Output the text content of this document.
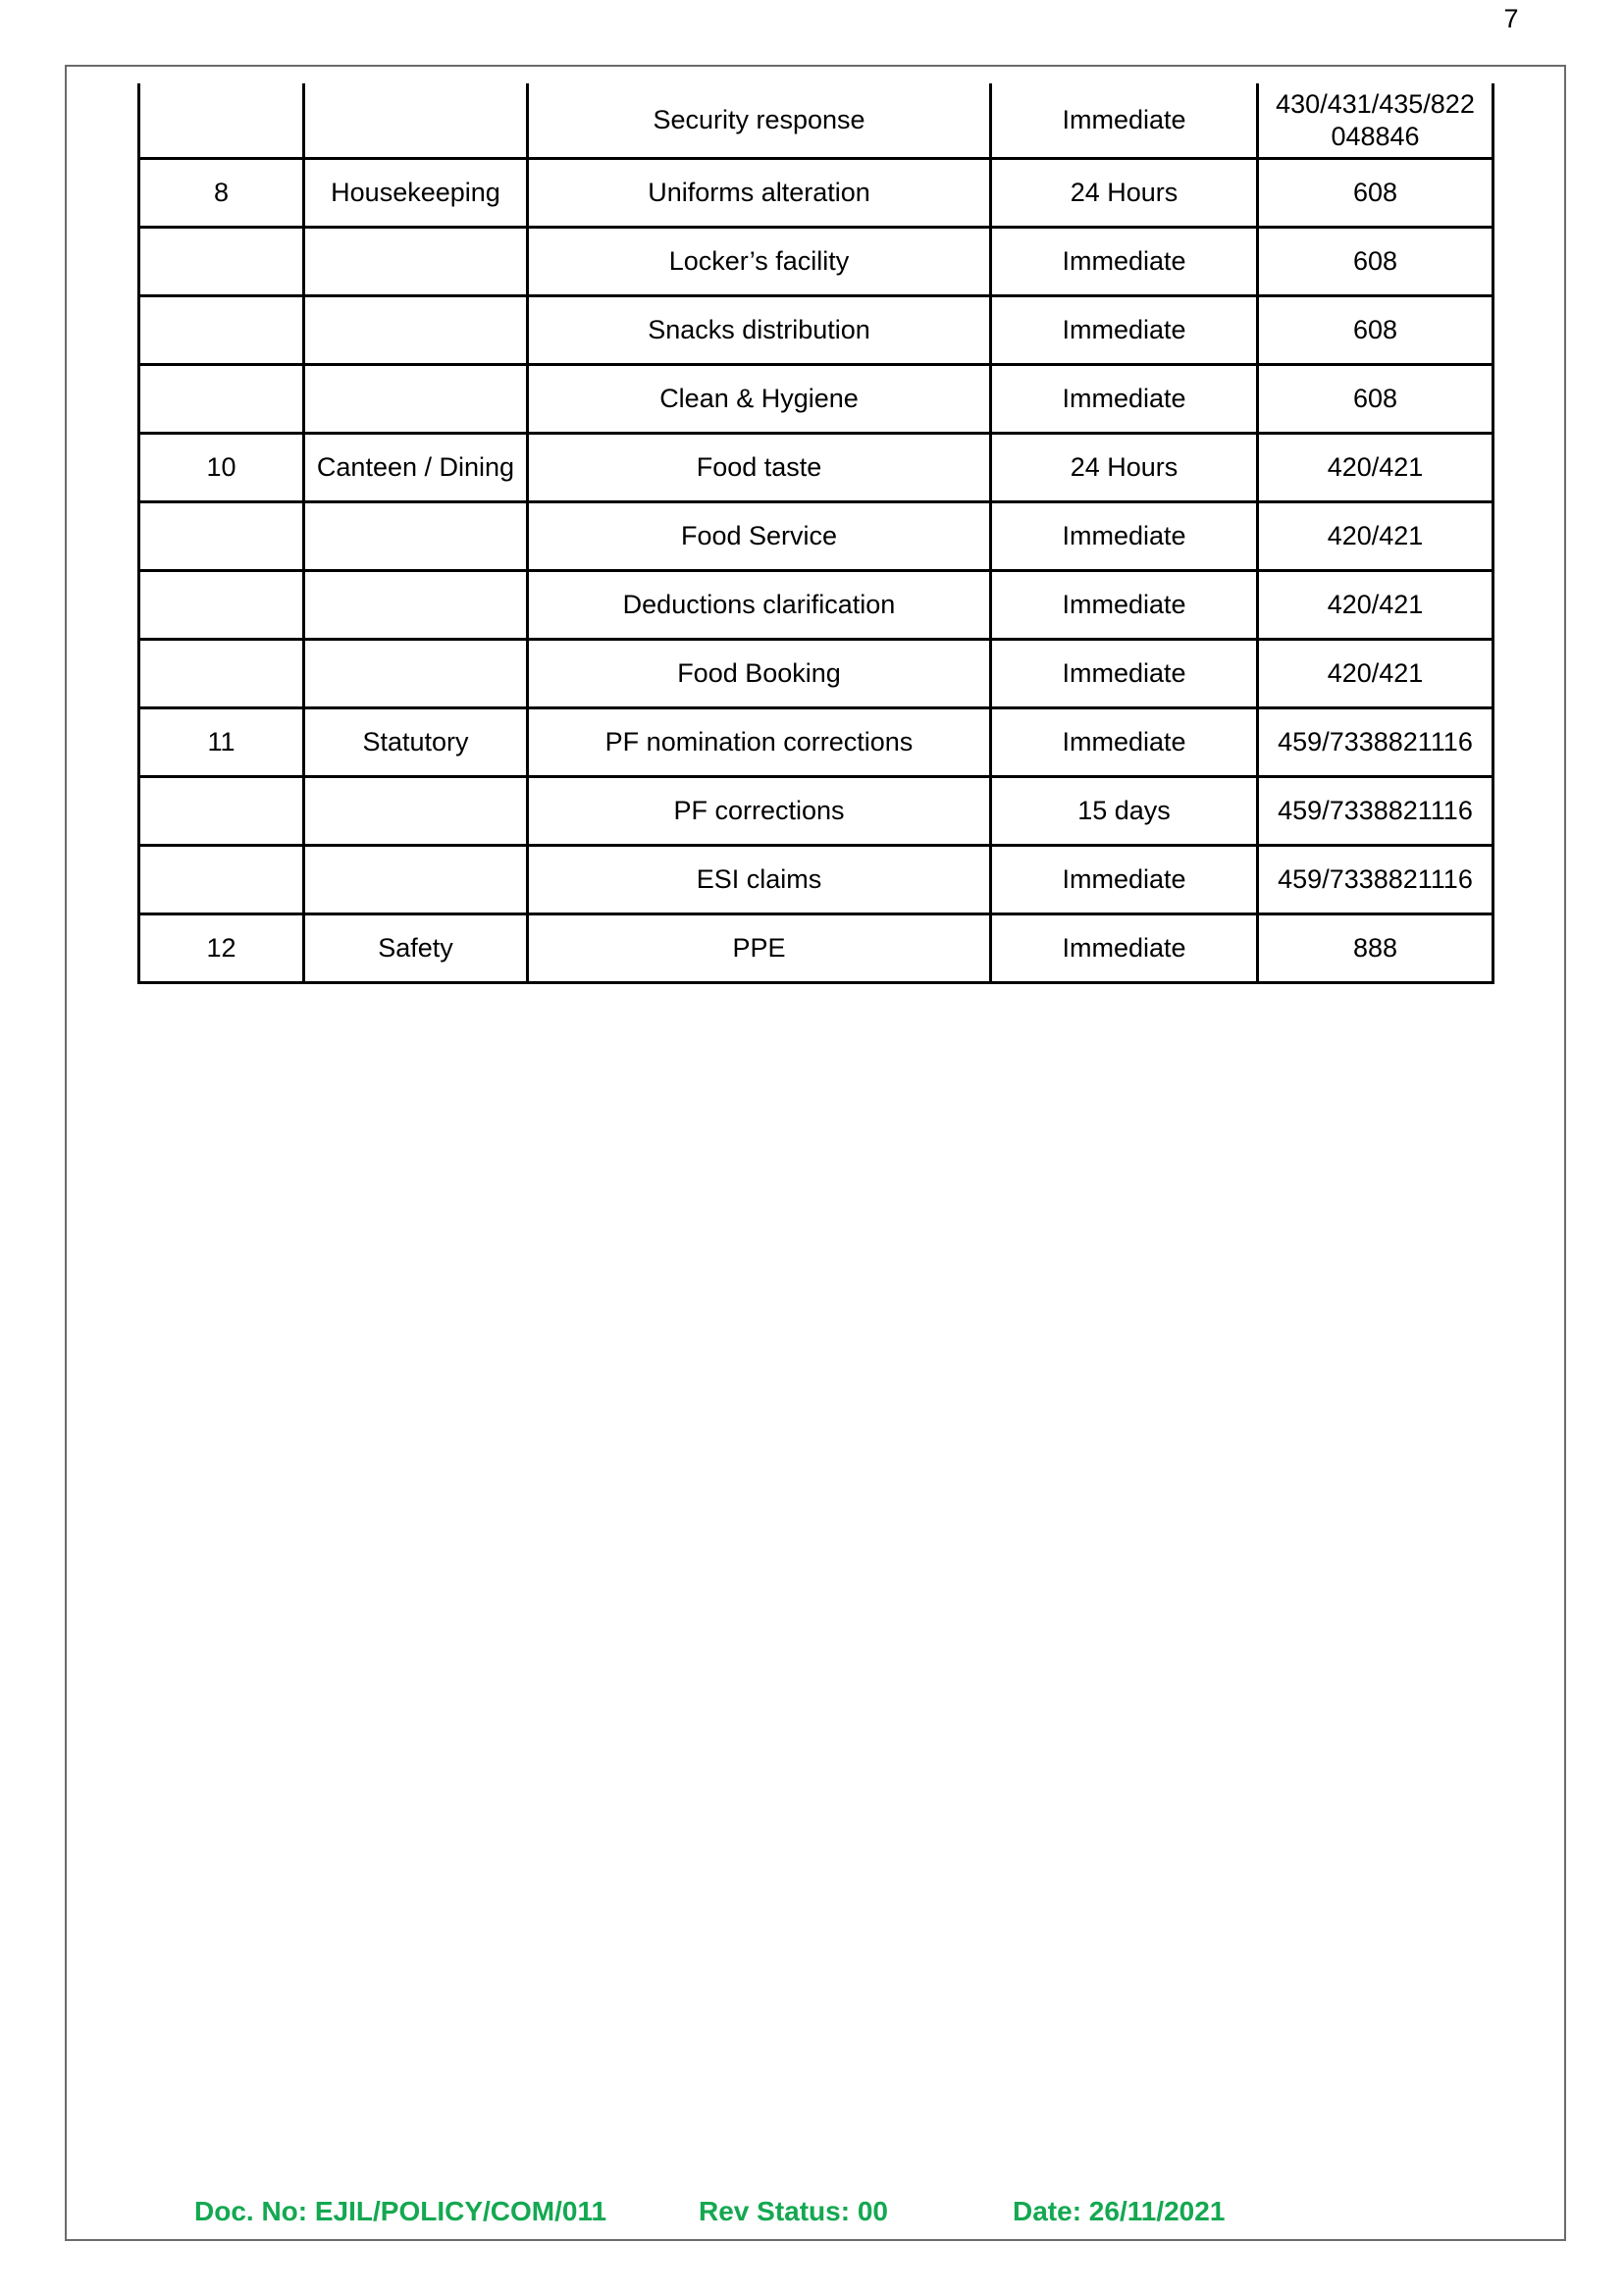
7
		Security response	Immediate	430/431/435/822
048846
8	Housekeeping	Uniforms alteration	24 Hours	608
		Locker’s facility	Immediate	608
		Snacks distribution	Immediate	608
		Clean & Hygiene	Immediate	608
10	Canteen / Dining	Food taste	24 Hours	420/421
		Food Service	Immediate	420/421
		Deductions clarification	Immediate	420/421
		Food Booking	Immediate	420/421
11	Statutory	PF nomination corrections	Immediate	459/7338821116
		PF corrections	15 days	459/7338821116
		ESI claims	Immediate	459/7338821116
12	Safety	PPE	Immediate	888
Doc. No: EJIL/POLICY/COM/011	Rev Status: 00	Date: 26/11/2021
